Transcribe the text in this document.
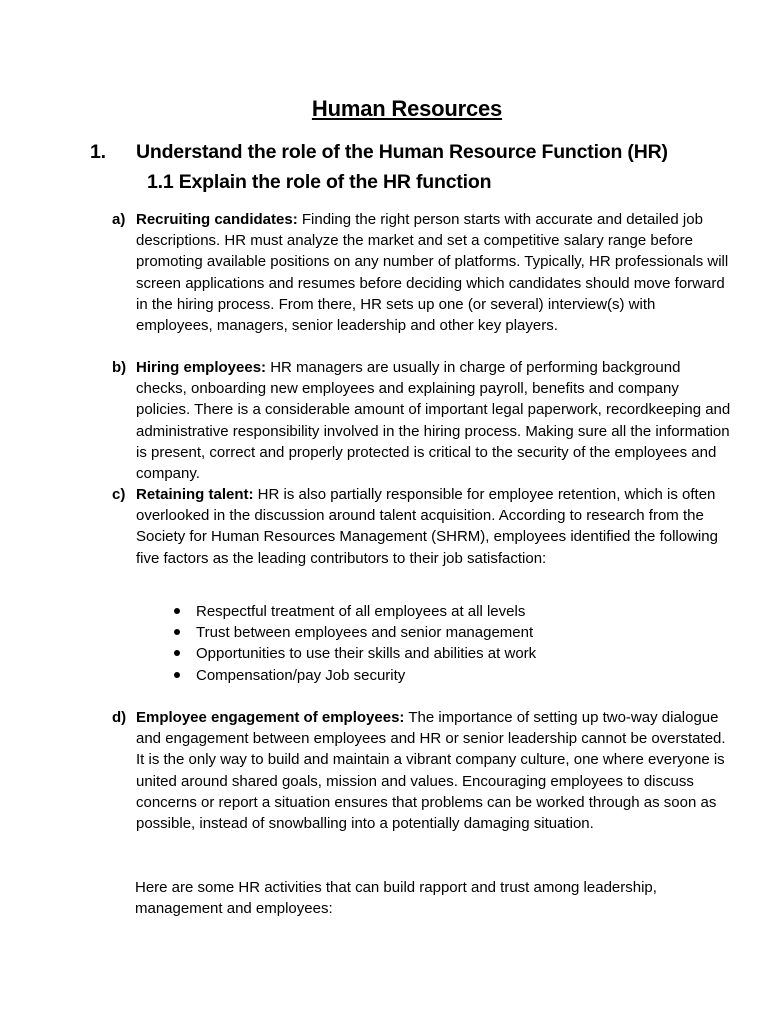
Human Resources
1. Understand the role of the Human Resource Function (HR)
1.1 Explain the role of the HR function
a) Recruiting candidates: Finding the right person starts with accurate and detailed job descriptions. HR must analyze the market and set a competitive salary range before promoting available positions on any number of platforms. Typically, HR professionals will screen applications and resumes before deciding which candidates should move forward in the hiring process. From there, HR sets up one (or several) interview(s) with employees, managers, senior leadership and other key players.
b) Hiring employees: HR managers are usually in charge of performing background checks, onboarding new employees and explaining payroll, benefits and company policies. There is a considerable amount of important legal paperwork, recordkeeping and administrative responsibility involved in the hiring process. Making sure all the information is present, correct and properly protected is critical to the security of the employees and company.
c) Retaining talent: HR is also partially responsible for employee retention, which is often overlooked in the discussion around talent acquisition. According to research from the Society for Human Resources Management (SHRM), employees identified the following five factors as the leading contributors to their job satisfaction:
Respectful treatment of all employees at all levels
Trust between employees and senior management
Opportunities to use their skills and abilities at work
Compensation/pay Job security
d) Employee engagement of employees: The importance of setting up two-way dialogue and engagement between employees and HR or senior leadership cannot be overstated. It is the only way to build and maintain a vibrant company culture, one where everyone is united around shared goals, mission and values. Encouraging employees to discuss concerns or report a situation ensures that problems can be worked through as soon as possible, instead of snowballing into a potentially damaging situation.
Here are some HR activities that can build rapport and trust among leadership, management and employees:
